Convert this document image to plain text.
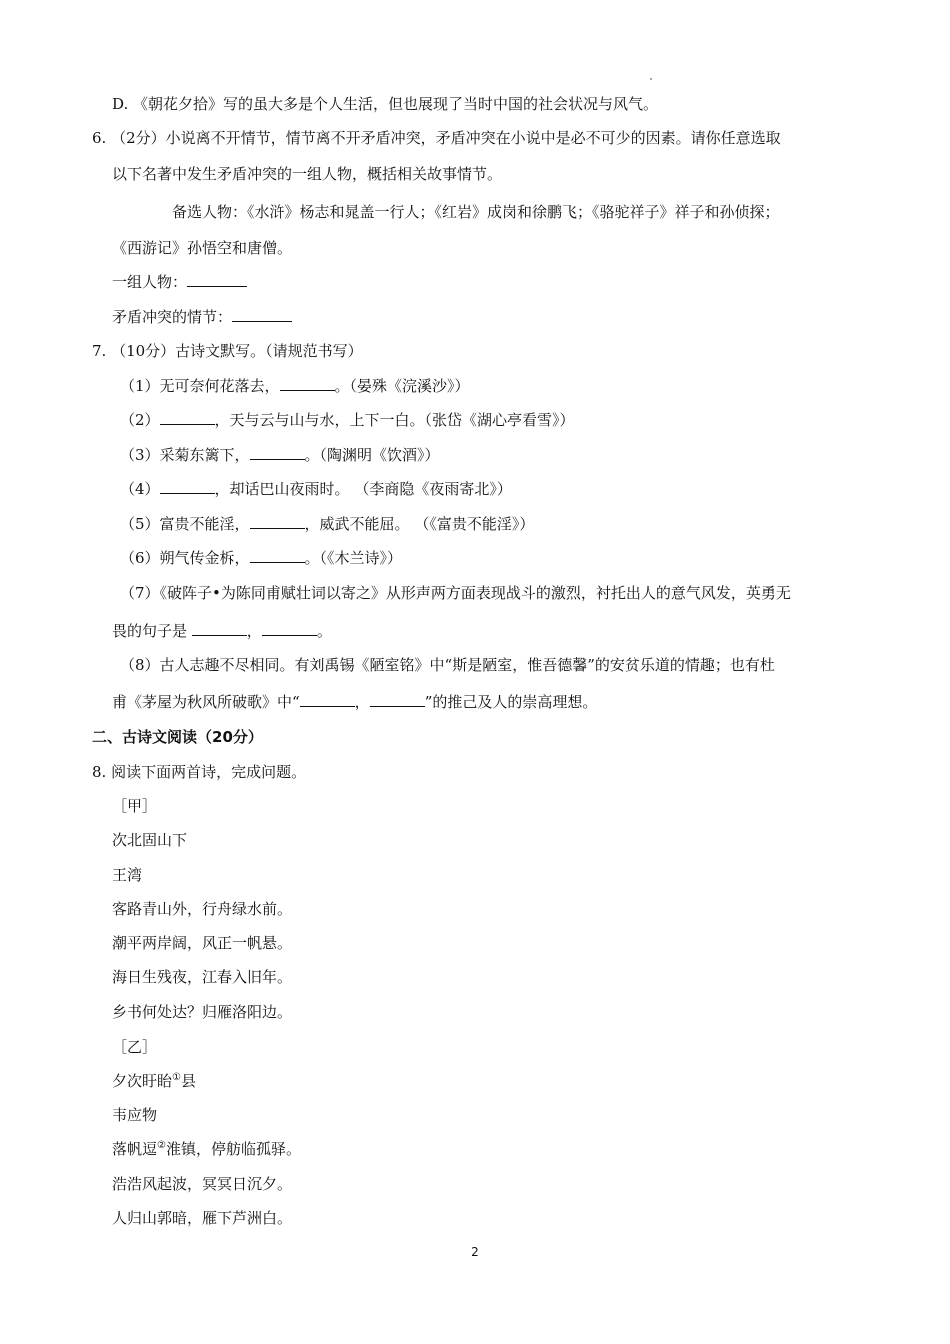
D. 《朝花夕拾》写的虽大多是个人生活，但也展现了当时中国的社会状况与风气。
6. （2分）小说离不开情节，情节离不开矛盾冲突，矛盾冲突在小说中是必不可少的因素。请你任意选取
以下名著中发生矛盾冲突的一组人物，概括相关故事情节。
备选人物：《水浒》杨志和晁盖一行人；《红岩》成岗和徐鹏飞；《骆驼祥子》祥子和孙侦探；
《西游记》孙悟空和唐僧。
一组人物：
矛盾冲突的情节：
7. （10分）古诗文默写。（请规范书写）
（1）无可奈何花落去，	。（晏殊《浣溪沙》）
（2）	，天与云与山与水，上下一白。（张岱《湖心亭看雪》）
（3）采菊东篱下，	。（陶渊明《饮酒》）
（4）	，却话巴山夜雨时。 （李商隐《夜雨寄北》）
（5）富贵不能淫，	，威武不能屈。 （《富贵不能淫》）
（6）朔气传金柝，	。（《木兰诗》）
（7）《破阵子•为陈同甫赋壮词以寄之》从形声两方面表现战斗的激烈，衬托出人的意气风发，英勇无
畏的句子是	，	。
（8）古人志趣不尽相同。有刘禹锡《陋室铭》中“斯是陋室，惟吾德馨”的安贫乐道的情趣；也有杜
甫《茅屋为秋风所破歌》中“	，	”的推己及人的崇高理想。
二、古诗文阅读（20分）
8. 阅读下面两首诗，完成问题。
［甲］
次北固山下
王湾
客路青山外，行舟绿水前。
潮平两岸阔，风正一帆悬。
海日生残夜，江春入旧年。
乡书何处达？归雁洛阳边。
［乙］
夕次盱眙①县
韦应物
落帆逗②淮镇，停舫临孤驿。
浩浩风起波，冥冥日沉夕。
人归山郭暗，雁下芦洲白。
2
